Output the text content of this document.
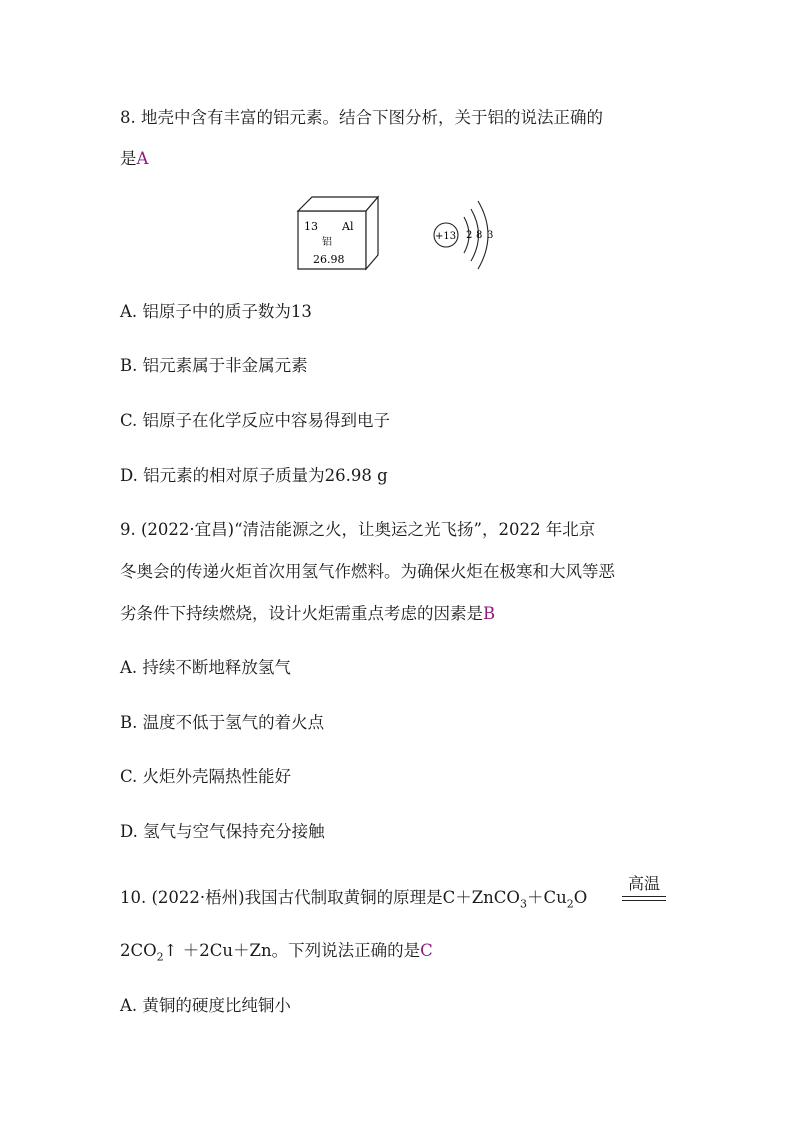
8. 地壳中含有丰富的铝元素。结合下图分析，关于铝的说法正确的
是A
13 Al
铝
26.98
+13 2 8 3
A. 铝原子中的质子数为13
B. 铝元素属于非金属元素
C. 铝原子在化学反应中容易得到电子
D. 铝元素的相对原子质量为26.98 g
9. (2022·宜昌)“清洁能源之火，让奥运之光飞扬”，2022 年北京
冬奥会的传递火炬首次用氢气作燃料。为确保火炬在极寒和大风等恶
劣条件下持续燃烧，设计火炬需重点考虑的因素是B
A. 持续不断地释放氢气
B. 温度不低于氢气的着火点
C. 火炬外壳隔热性能好
D. 氢气与空气保持充分接触
10. (2022·梧州)我国古代制取黄铜的原理是$C+ZnCO_3+Cu_2O$
高温
$2CO_2↑ +2Cu+Zn$。下列说法正确的是C
A. 黄铜的硬度比纯铜小
